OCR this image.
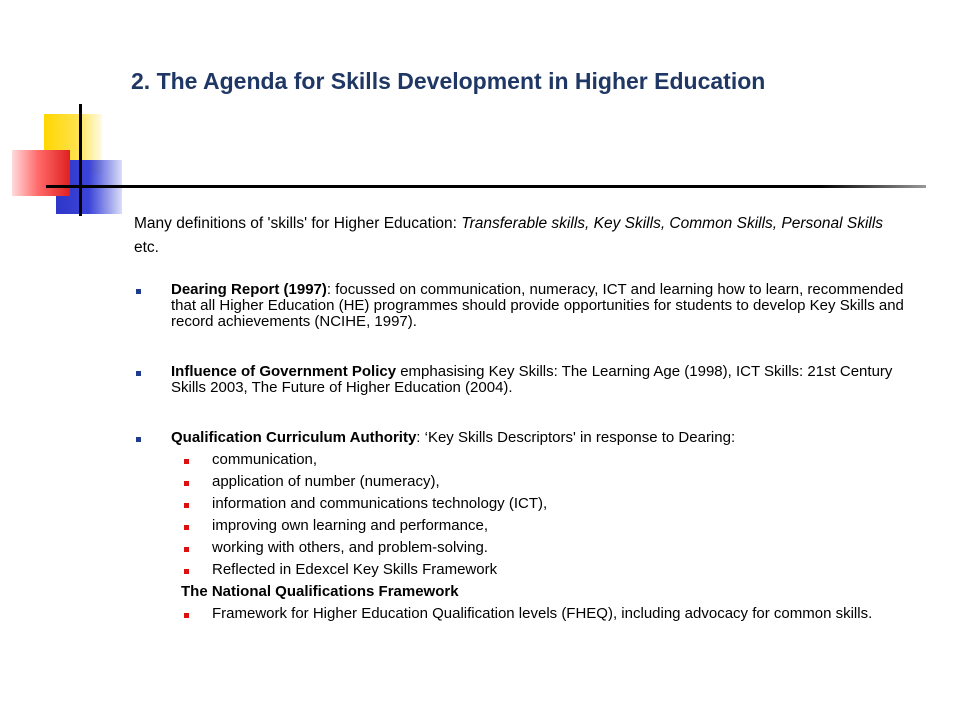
2. The Agenda for Skills Development in Higher Education
Many definitions of 'skills' for Higher Education: Transferable skills, Key Skills, Common Skills, Personal Skills etc.
Dearing Report (1997): focussed on communication, numeracy, ICT and learning how to learn, recommended that all Higher Education (HE) programmes should provide opportunities for students to develop Key Skills and record achievements (NCIHE, 1997).
Influence of Government Policy emphasising Key Skills: The Learning Age (1998), ICT Skills: 21st Century Skills 2003, The Future of Higher Education (2004).
Qualification Curriculum Authority: ‘Key Skills Descriptors' in response to Dearing:
communication,
application of number (numeracy),
information and communications technology (ICT),
improving own learning and performance,
working with others, and problem-solving.
Reflected in Edexcel Key Skills Framework
The National Qualifications Framework
Framework for Higher Education Qualification levels (FHEQ), including advocacy for common skills.
